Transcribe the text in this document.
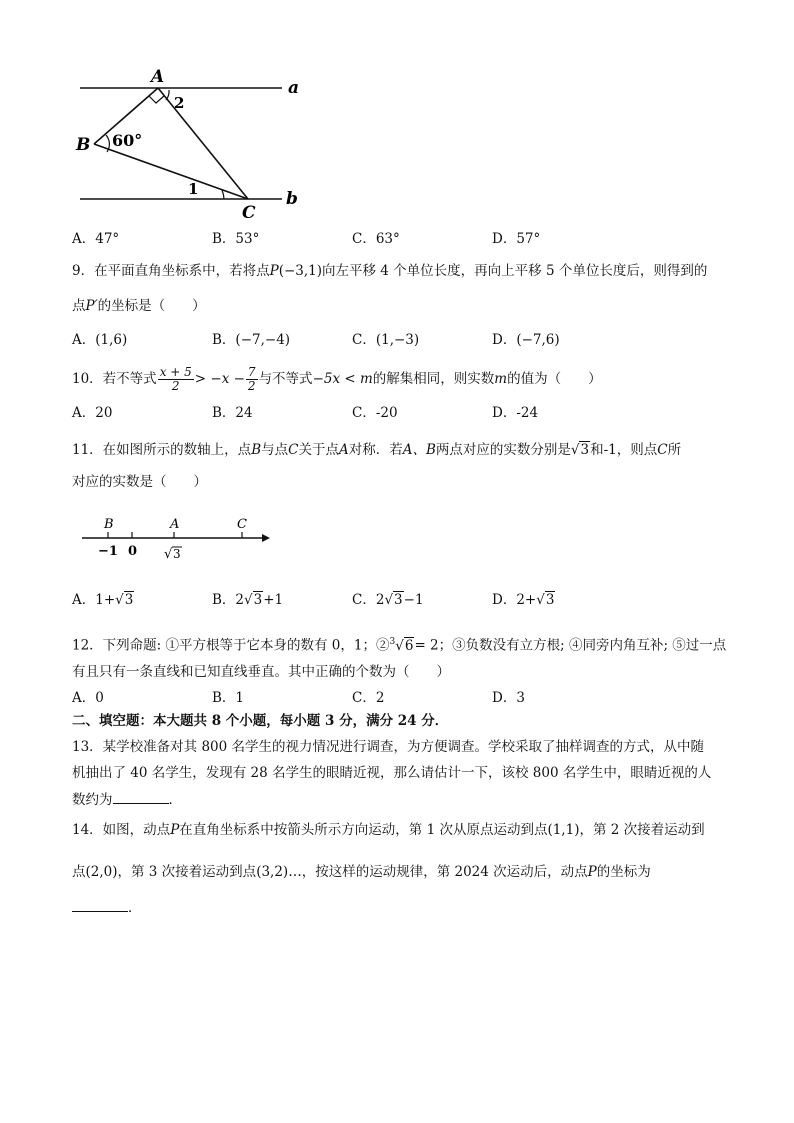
A
B
C
a
b
60°
1
2
A．47°	B．53°	C．63°	D．57°
9．在平面直角坐标系中，若将点P(−3,1)向左平移 4 个单位长度，再向上平移 5 个单位长度后，则得到的
点P′的坐标是（　　）
A．(1,6)	B．(−7,−4)	C．(1,−3)	D．(−7,6)
10．若不等式 $\frac{x + 5}{2} > -x - \frac{7}{2}$ 与不等式−5x < m的解集相同，则实数m的值为（　　）
A．20	B．24	C．-20	D．-24
11．在如图所示的数轴上，点B与点C关于点A对称．若A、B两点对应的实数分别是√3和-1，则点C所
对应的实数是（　　）
B	A	C
−1 0 √ 3
A．1+√3	B．2√3+1	C．2√3−1	D．2+√3
12．下列命题: ①平方根等于它本身的数有 0，1；②$^3$√6= 2；③负数没有立方根; ④同旁内角互补; ⑤过一点
有且只有一条直线和已知直线垂直。其中正确的个数为（　　）
A．0	B．1	C．2	D．3
二、填空题：本大题共 8 个小题，每小题 3 分，满分 24 分．
13．某学校准备对其 800 名学生的视力情况进行调查，为方便调查。学校采取了抽样调查的方式，从中随
机抽出了 40 名学生，发现有 28 名学生的眼睛近视，那么请估计一下，该校 800 名学生中，眼睛近视的人
数约为	．
14．如图，动点P在直角坐标系中按箭头所示方向运动，第 1 次从原点运动到点(1,1)，第 2 次接着运动到
点(2,0)，第 3 次接着运动到点(3,2)…，按这样的运动规律，第 2024 次运动后，动点P的坐标为
．
